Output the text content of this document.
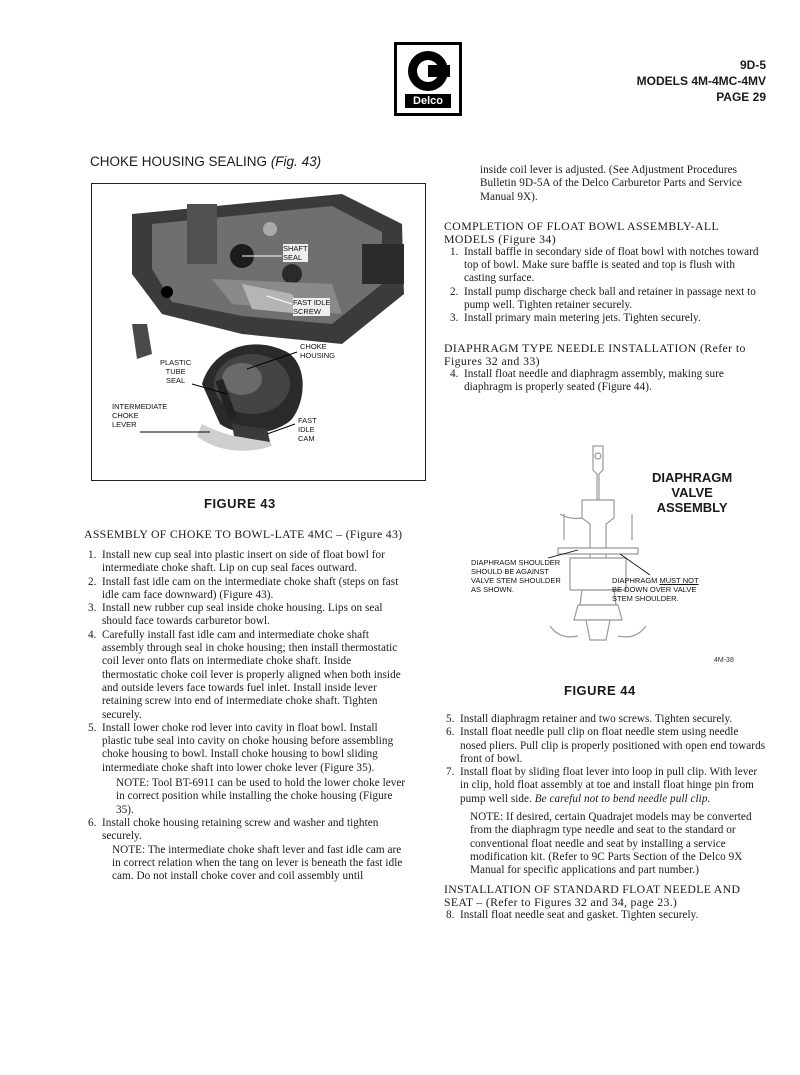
Delco
9D-5
MODELS 4M-4MC-4MV
PAGE 29
CHOKE HOUSING SEALING (Fig. 43)
SHAFT
SEAL
FAST IDLE
SCREW
CHOKE
HOUSING
PLASTIC
TUBE
SEAL
INTERMEDIATE
CHOKE
LEVER	FAST
IDLE
CAM
FIGURE 43
ASSEMBLY OF CHOKE TO BOWL-LATE 4MC – (Figure 43)
1. Install new cup seal into plastic insert on side of float bowl for intermediate choke shaft. Lip on cup seal faces outward.
2. Install fast idle cam on the intermediate choke shaft (steps on fast idle cam face downward) (Figure 43).
3. Install new rubber cup seal inside choke housing. Lips on seal should face towards carburetor bowl.
4. Carefully install fast idle cam and intermediate choke shaft assembly through seal in choke housing; then install thermostatic coil lever onto flats on intermediate choke shaft. Inside thermostatic choke coil lever is properly aligned when both inside and outside levers face towards fuel inlet. Install inside lever retaining screw into end of intermediate choke shaft. Tighten securely.
5. Install lower choke rod lever into cavity in float bowl. Install plastic tube seal into cavity on choke housing before assembling choke housing to bowl. Install choke housing to bowl sliding intermediate choke shaft into lower choke lever (Figure 35).
NOTE: Tool BT-6911 can be used to hold the lower choke lever in correct position while installing the choke housing (Figure 35).
6. Install choke housing retaining screw and washer and tighten securely.
NOTE: The intermediate choke shaft lever and fast idle cam are in correct relation when the tang on lever is beneath the fast idle cam. Do not install choke cover and coil assembly until
inside coil lever is adjusted. (See Adjustment Procedures Bulletin 9D-5A of the Delco Carburetor Parts and Service Manual 9X).
COMPLETION OF FLOAT BOWL ASSEMBLY-ALL MODELS (Figure 34)
1. Install baffle in secondary side of float bowl with notches toward top of bowl. Make sure baffle is seated and top is flush with casting surface.
2. Install pump discharge check ball and retainer in passage next to pump well. Tighten retainer securely.
3. Install primary main metering jets. Tighten securely.
DIAPHRAGM TYPE NEEDLE INSTALLATION (Refer to Figures 32 and 33)
4. Install float needle and diaphragm assembly, making sure diaphragm is properly seated (Figure 44).
DIAPHRAGM
VALVE
ASSEMBLY
DIAPHRAGM SHOULDER
SHOULD BE AGAINST
VALVE STEM SHOULDER
AS SHOWN.
DIAPHRAGM MUST NOT
BE DOWN OVER VALVE
STEM SHOULDER.
4M-38
FIGURE 44
5. Install diaphragm retainer and two screws. Tighten securely.
6. Install float needle pull clip on float needle stem using needle nosed pliers. Pull clip is properly positioned with open end towards front of bowl.
7. Install float by sliding float lever into loop in pull clip. With lever in clip, hold float assembly at toe and install float hinge pin from pump well side. Be careful not to bend needle pull clip.
NOTE: If desired, certain Quadrajet models may be converted from the diaphragm type needle and seat to the standard or conventional float needle and seat by installing a service modification kit. (Refer to 9C Parts Section of the Delco 9X Manual for specific applications and part number.)
INSTALLATION OF STANDARD FLOAT NEEDLE AND SEAT – (Refer to Figures 32 and 34, page 23.)
8. Install float needle seat and gasket. Tighten securely.
